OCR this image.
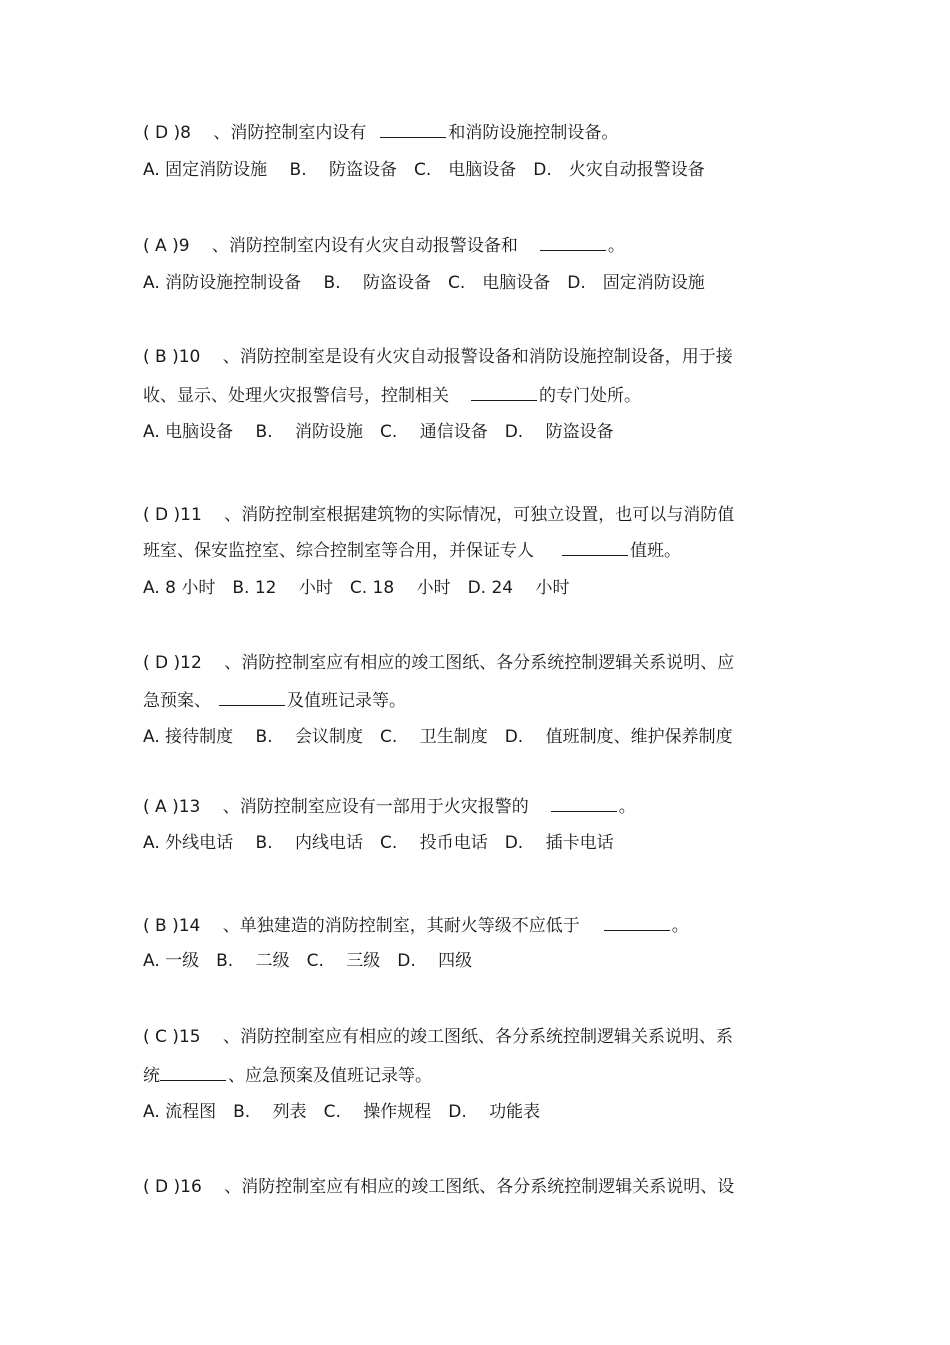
( D )8　 、消防控制室内设有	和消防设施控制设备。
A. 固定消防设施　 B.　 防盗设备　C.　电脑设备　D.　火灾自动报警设备
( A )9　 、消防控制室内设有火灾自动报警设备和	。
A. 消防设施控制设备　 B.　 防盗设备　C.　电脑设备　D.　固定消防设施
( B )10　 、消防控制室是设有火灾自动报警设备和消防设施控制设备，用于接
收、显示、处理火灾报警信号，控制相关	的专门处所。
A. 电脑设备　 B.　 消防设施　C.　 通信设备　D.　 防盗设备
( D )11　 、消防控制室根据建筑物的实际情况，可独立设置，也可以与消防值
班室、保安监控室、综合控制室等合用，并保证专人	值班。
A. 8 小时　B. 12　 小时　C. 18　 小时　D. 24　 小时
( D )12　 、消防控制室应有相应的竣工图纸、各分系统控制逻辑关系说明、应
急预案、	及值班记录等。
A. 接待制度　 B.　 会议制度　C.　 卫生制度　D.　 值班制度、维护保养制度
( A )13　 、消防控制室应设有一部用于火灾报警的	。
A. 外线电话　 B.　 内线电话　C.　 投币电话　D.　 插卡电话
( B )14　 、单独建造的消防控制室，其耐火等级不应低于	。
A. 一级　B.　 二级　C.　 三级　D.　 四级
( C )15　 、消防控制室应有相应的竣工图纸、各分系统控制逻辑关系说明、系
统	、应急预案及值班记录等。
A. 流程图　B.　 列表　C.　 操作规程　D.　 功能表
( D )16　 、消防控制室应有相应的竣工图纸、各分系统控制逻辑关系说明、设
